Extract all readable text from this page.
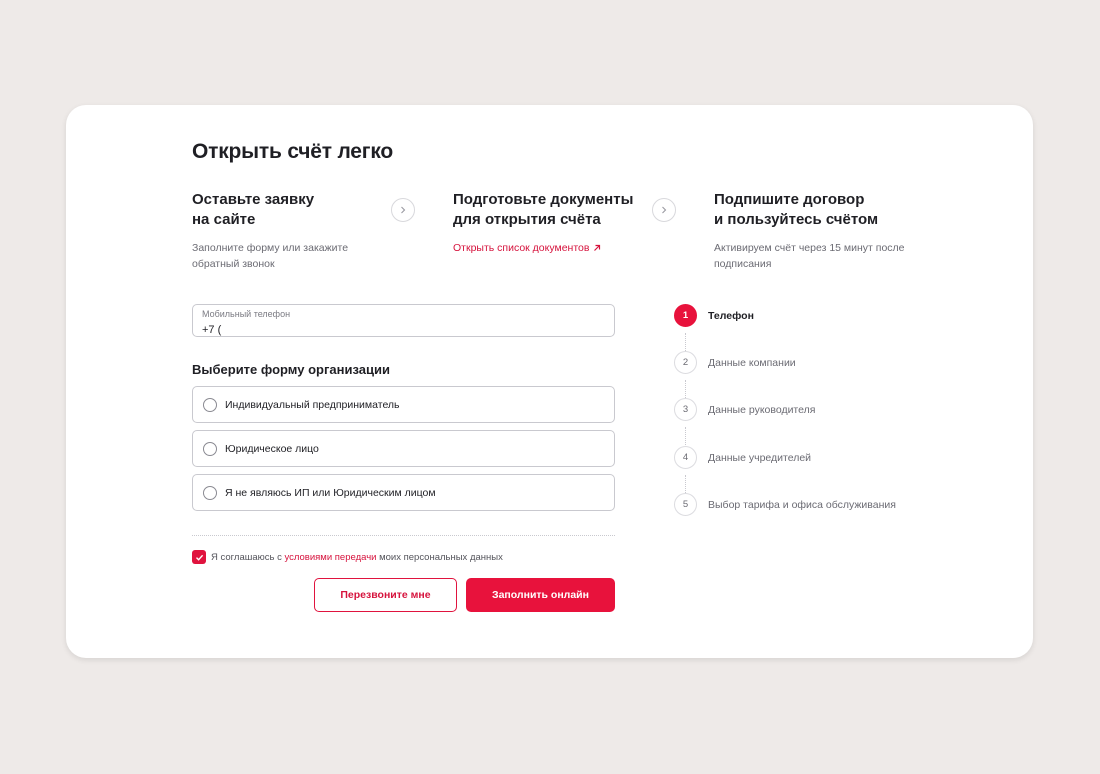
Открыть счёт легко
Оставьте заявку
на сайте
Заполните форму или закажите
обратный звонок
Подготовьте документы
для открытия счёта
Открыть список документов
Подпишите договор
и пользуйтесь счётом
Активируем счёт через 15 минут после
подписания
Мобильный телефон
+7 (
Выберите форму организации
Индивидуальный предприниматель
Юридическое лицо
Я не являюсь ИП или Юридическим лицом
Я соглашаюсь с условиями передачи моих персональных данных
Перезвоните мне	Заполнить онлайн
1	Телефон
2	Данные компании
3	Данные руководителя
4	Данные учредителей
5	Выбор тарифа и офиса обслуживания
